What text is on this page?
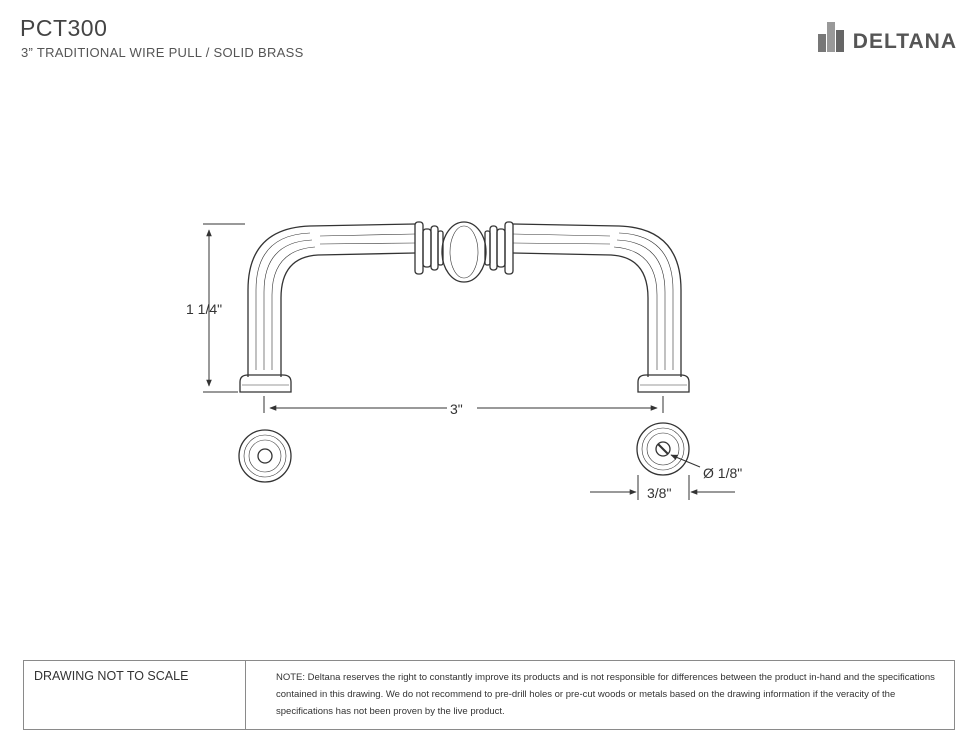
PCT300
3” TRADITIONAL WIRE PULL / SOLID BRASS	DELTANA
1 1/4"
3"
Ø 1/8"
3/8"
DRAWING NOT TO SCALE	NOTE: Deltana reserves the right to constantly improve its products and is not responsible for differences between the product in-hand and the specifications contained in this drawing. We do not recommend to pre-drill holes or pre-cut woods or metals based on the drawing information if the veracity of the specifications has not been proven by the live product.
